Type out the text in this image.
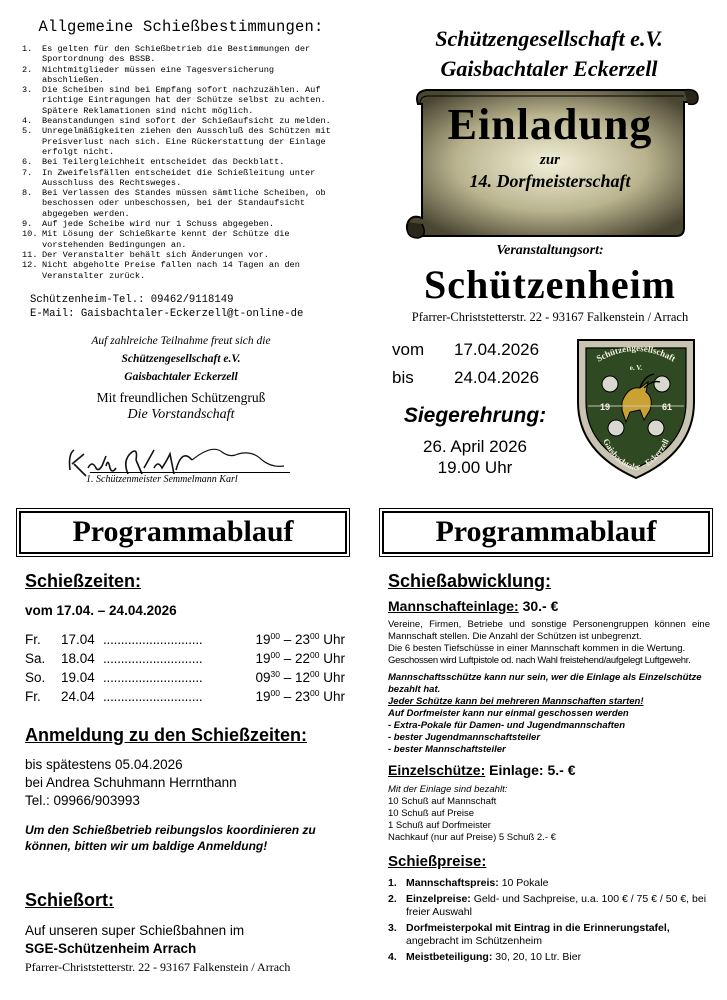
Allgemeine Schießbestimmungen:
1.	Es gelten für den Schießbetrieb die Bestimmungen der Sportordnung des BSSB.
2.	Nichtmitglieder müssen eine Tagesversicherung abschließen.
3.	Die Scheiben sind bei Empfang sofort nachzuzählen. Auf richtige Eintragungen hat der Schütze selbst zu achten. Spätere Reklamationen sind nicht möglich.
4.	Beanstandungen sind sofort der Schießaufsicht zu melden.
5.	Unregelmäßigkeiten ziehen den Ausschluß des Schützen mit Preisverlust nach sich. Eine Rückerstattung der Einlage erfolgt nicht.
6.	Bei Teilergleichheit entscheidet das Deckblatt.
7.	In Zweifelsfällen entscheidet die Schießleitung unter Ausschluss des Rechtsweges.
8.	Bei Verlassen des Standes müssen sämtliche Scheiben, ob beschossen oder unbeschossen, bei der Standaufsicht abgegeben werden.
9.	Auf jede Scheibe wird nur 1 Schuss abgegeben.
10. Mit Lösung der Schießkarte kennt der Schütze die vorstehenden Bedingungen an.
11. Der Veranstalter behält sich Änderungen vor.
12. Nicht abgeholte Preise fallen nach 14 Tagen an den Veranstalter zurück.
Schützenheim-Tel.: 09462/9118149
E-Mail: Gaisbachtaler-Eckerzell@t-online-de
Auf zahlreiche Teilnahme freut sich die
Schützengesellschaft e.V.
Gaisbachtaler Eckerzell
Mit freundlichen Schützengruß
Die Vorstandschaft
1. Schützenmeister Semmelmann Karl
Schützengesellschaft e.V.
Gaisbachtaler Eckerzell
Einladung
zur
14. Dorfmeisterschaft
Veranstaltungsort:
Schützenheim
Pfarrer-Christstetterstr. 22 - 93167 Falkenstein / Arrach
vom	17.04.2026
bis	24.04.2026
Siegerehrung:
26. April 2026
19.00 Uhr
Schützengesellschaft
e. V.
19	61
Gaisbachtaler - Eckerzell
Programmablauf	Programmablauf
Schießzeiten:
vom 17.04. – 24.04.2026
Fr.	17.04 ............................	$19^{00} - 23^{00}$ Uhr
Sa.	18.04 ............................	$19^{00} - 22^{00}$ Uhr
So.	19.04 ............................	$09^{30} - 12^{00}$ Uhr
Fr.	24.04 ............................	$19^{00} - 23^{00}$ Uhr
Anmeldung zu den Schießzeiten:
bis spätestens 05.04.2026
bei Andrea Schuhmann Herrnthann
Tel.: 09966/903993
Um den Schießbetrieb reibungslos koordinieren zu können, bitten wir um baldige Anmeldung!
Schießort:
Auf unseren super Schießbahnen im
SGE-Schützenheim Arrach
Pfarrer-Christstetterstr. 22 - 93167 Falkenstein / Arrach
Schießabwicklung:
Mannschafteinlage: 30.- €
Vereine, Firmen, Betriebe und sonstige Personengruppen können eine Mannschaft stellen. Die Anzahl der Schützen ist unbegrenzt.
Die 6 besten Tiefschüsse in einer Mannschaft kommen in die Wertung.
Geschossen wird Luftpistole od. nach Wahl freistehend/aufgelegt Luftgewehr.
Mannschaftsschütze kann nur sein, wer die Einlage als Einzelschütze bezahlt hat.
Jeder Schütze kann bei mehreren Mannschaften starten!
Auf Dorfmeister kann nur einmal geschossen werden
- Extra-Pokale für Damen- und Jugendmannschaften
- bester Jugendmannschaftsteiler
- bester Mannschaftsteiler
Einzelschütze: Einlage: 5.- €
Mit der Einlage sind bezahlt:
10 Schuß auf Mannschaft
10 Schuß auf Preise
1 Schuß auf Dorfmeister
Nachkauf (nur auf Preise) 5 Schuß 2.- €
Schießpreise:
1. Mannschaftspreis: 10 Pokale
2. Einzelpreise: Geld- und Sachpreise, u.a. 100 € / 75 € / 50 €, bei freier Auswahl
3. Dorfmeisterpokal mit Eintrag in die Erinnerungstafel, angebracht im Schützenheim
4. Meistbeteiligung: 30, 20, 10 Ltr. Bier
